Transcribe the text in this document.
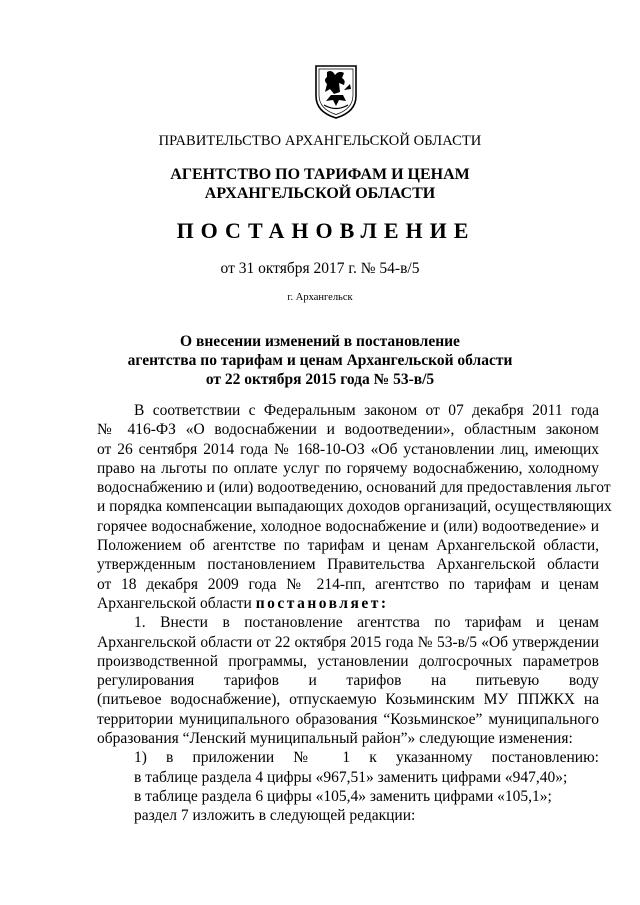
ПРАВИТЕЛЬСТВО АРХАНГЕЛЬСКОЙ ОБЛАСТИ
АГЕНТСТВО ПО ТАРИФАМ И ЦЕНАМ
АРХАНГЕЛЬСКОЙ ОБЛАСТИ
ПОСТАНОВЛЕНИЕ
от 31 октября 2017 г. № 54-в/5
г. Архангельск
О внесении изменений в постановление
агентства по тарифам и ценам Архангельской области
от 22 октября 2015 года № 53-в/5
В соответствии с Федеральным законом от 07 декабря 2011 года
№ 416-ФЗ «О водоснабжении и водоотведении», областным законом
от 26 сентября 2014 года № 168-10-ОЗ «Об установлении лиц, имеющих
право на льготы по оплате услуг по горячему водоснабжению, холодному
водоснабжению и (или) водоотведению, оснований для предоставления льгот
и порядка компенсации выпадающих доходов организаций, осуществляющих
горячее водоснабжение, холодное водоснабжение и (или) водоотведение» и
Положением об агентстве по тарифам и ценам Архангельской области,
утвержденным постановлением Правительства Архангельской области
от 18 декабря 2009 года № 214-пп, агентство по тарифам и ценам
Архангельской области постановляет:
1. Внести в постановление агентства по тарифам и ценам
Архангельской области от 22 октября 2015 года № 53-в/5 «Об утверждении
производственной программы, установлении долгосрочных параметров
регулирования тарифов и тарифов на питьевую воду
(питьевое водоснабжение), отпускаемую Козьминским МУ ППЖКХ на
территории муниципального образования “Козьминское” муниципального
образования “Ленский муниципальный район”» следующие изменения:
1) в приложении № 1 к указанному постановлению:
в таблице раздела 4 цифры «967,51» заменить цифрами «947,40»;
в таблице раздела 6 цифры «105,4» заменить цифрами «105,1»;
раздел 7 изложить в следующей редакции:
